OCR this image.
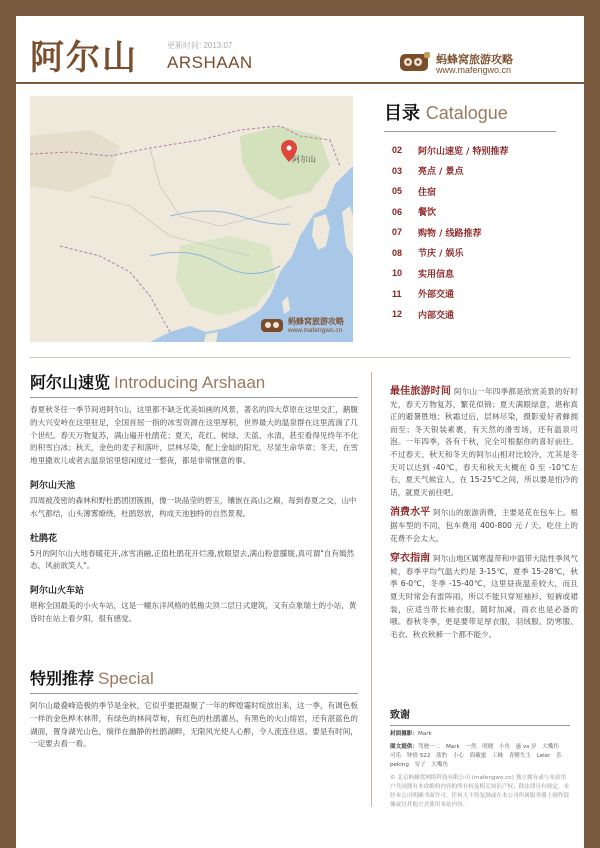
阿尔山	更新时间: 2013.07
ARSHAAN	蚂蜂窝旅游攻略
www.mafengwo.cn
阿尔山
蚂蜂窝旅游攻略
www.mafengwo.cn
目录 Catalogue
02	阿尔山速览 / 特别推荐
03	亮点 / 景点
05	住宿
06	餐饮
07	购物 / 线路推荐
08	节庆 / 娱乐
10	实用信息
11	外部交通
12	内部交通
阿尔山速览 Introducing Arshaan
春夏秋冬任一季节间进阿尔山，这里都不缺乏优美如画的风景，著名的四大草原在这里交汇，鹅腹的大兴安岭在这里驻足，全国首屈一指的冰雪资源在这里厚积，世界最大的温泉群在这里流淌了几个世纪。春天万物复苏，满山遍开杜鹃花；夏天，花红、树绿、天蓝、水清，甚至看得见终年不化的积雪白冰；秋天，金色的麦子和落叶，层林尽染，配上金灿的阳光，尽显生命华章；冬天，在雪地里撒欢儿或者去温泉馆里悠闲度过一整夜，都是非常惬意的事。
阿尔山天池
四周被茂密的森林和野杜鹃团团簇拥，像一块晶莹的碧玉，镶嵌在高山之巅，每到春夏之交，山中水气都结，山头薄雾缭绕，杜鹃怒放，构成天池独特的自然景观。
杜鹃花
5月的阿尔山大地春暖花开,冰雪消融,正值杜鹃花开烂漫,放眼望去,满山粉意朦胧,真可谓"自有嫣然态，风前欲笑人"。
阿尔山火车站
堪称全国最美的小火车站，这是一幢东洋风格的低檐尖顶二层日式建筑，又有点象瑞士的小站，黄昏时在站上看夕阳，很有感觉。
特别推荐 Special
阿尔山最叠峰造极的季节是金秋，它似乎要把凝聚了一年的辉煌霎时绽放出来，这一季，有调色板一样的金色桦木林带，有绿色的林间草甸，有红色的杜鹃灌丛，有黑色的火山熔岩，还有湛蓝色的湖面，置身湖光山色，徜徉在幽静的杜鹃湖畔，无限风光使人心醉，令人流连往返。要是有时间，一定要去看一看。
最佳旅游时间 阿尔山一年四季都是欣赏美景的好时光，春天万物复苏，繁花似锦；夏天满眼绿意，堪称真正的避暑胜地；秋霜过后，层林尽染，摄影爱好者蜂拥而至；冬天银装素裹，有天然的滑雪场，还有温泉可泡。一年四季，各有千秋，完全可根据你的喜好前往。不过春天、秋天和冬天的阿尔山相对比较冷，尤其是冬天可以达到 -40℃，春天和秋天大概在 0 至 -10℃左右，夏天气候宜人，在 15-25℃之间，所以要是怕冷的话，就夏天前往吧。
消费水平 阿尔山的旅游消费，主要是花在包车上。根据车型的不同，包车费用 400-800 元 / 天。吃住上的花费不会太大。
穿衣指南 阿尔山地区属寒温带和中温带大陆性季风气候，春季平均气温大约是 3-15℃，夏季 15-28℃，秋季 6-0℃，冬季 -15-40℃，这里昼夜温差较大，而且夏天时常会有雷阵雨，所以不能只穿短袖衫、短裤或裙装，应适当带长袖衣服，随时加减，雨衣也是必备的哦。春秋冬季，更是要带足厚衣服，羽绒服、防寒服、毛衣、秋衣秋裤一个都不能少。
致谢
封面摄影：Mark
图文提供：驾驶一二　Mark　一然　明晓　小鱼　惠 vs 岁　大嘴伤　可乐　钟情 522　蓝豹　小心　海戴蜜　工蜂　青陲失主　Leler　乐 peking　穷子　大嘴鱼
© 北京蚂蜂窝网络科技有限公司 (mafengwo.cn) 独立拥有或与本站用户共同拥有本攻略的内容的所有权及相关知识产权；除法律另有规定，未经本公司明确书面许可，任何人不得复制或在本公司所属服务器上制作镜像或以其他方式使用本站内容。
